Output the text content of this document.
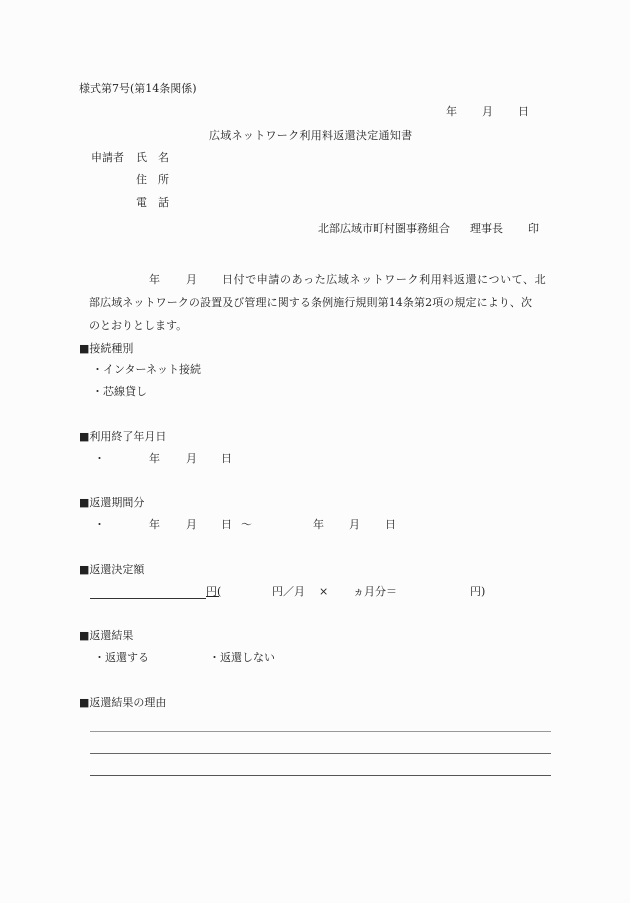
様式第7号(第14条関係)
年 月 日
広域ネットワーク利用料返還決定通知書
申請者 氏　名
住　所
電　話
北部広域市町村圏事務組合 理事長 印
年 月 日付で申請のあった広域ネットワーク利用料返還について、北
部広域ネットワークの設置及び管理に関する条例施行規則第14条第2項の規定により、次
のとおりとします。
■接続種別
・インターネット接続
・芯線貸し
■利用終了年月日
・	年 月 日
■返還期間分
・	年 月 日 ～	年 月 日
■返還決定額
円(	円／月 × ヵ月分＝	円)
■返還結果
・返還する	・返還しない
■返還結果の理由
